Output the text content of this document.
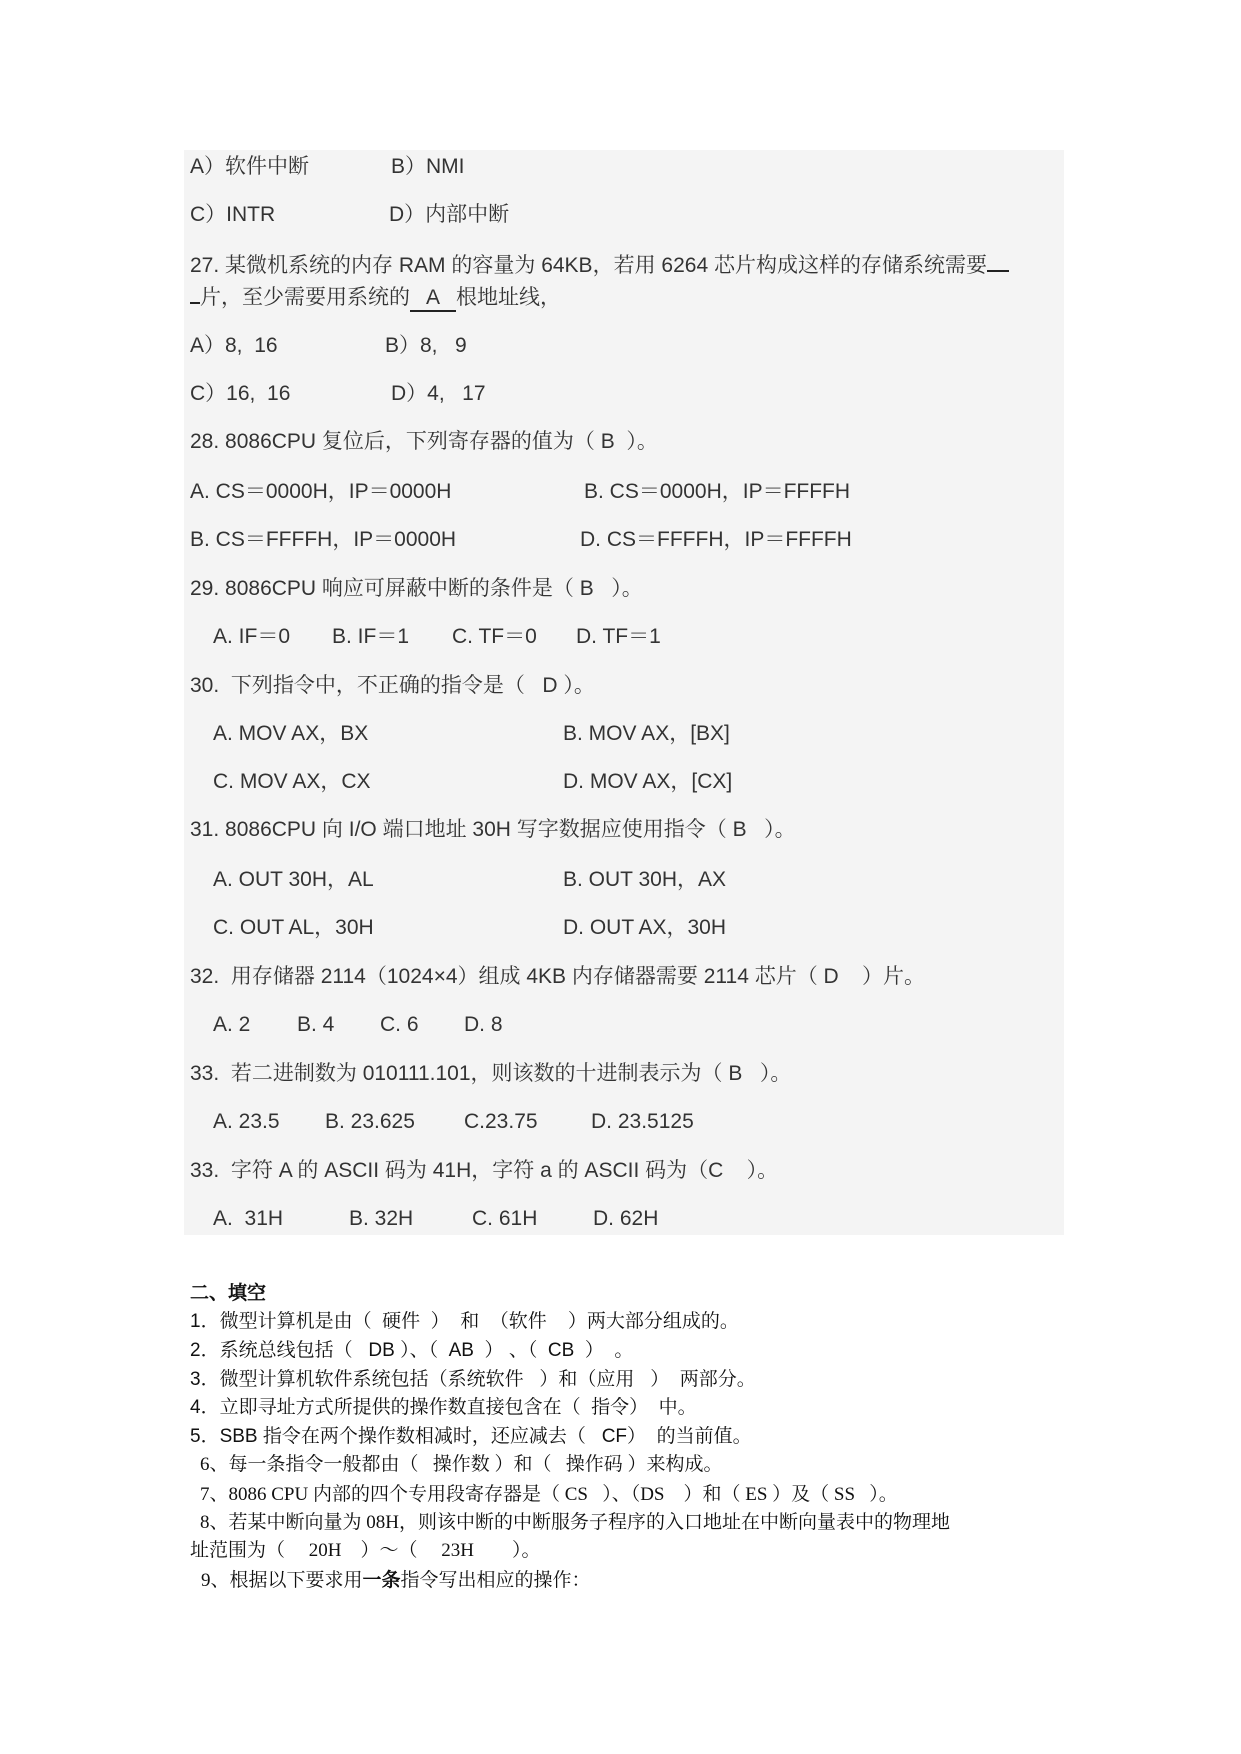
A）软件中断	B）NMI
C）INTR	D）内部中断
27. 某微机系统的内存 RAM 的容量为 64KB，若用 6264 芯片构成这样的存储系统需要
片，至少需要用系统的 A 根地址线，
A）8,  16	B）8,   9
C）16,  16	D）4,   17
28. 8086CPU 复位后，下列寄存器的值为（ B  ）。
A. CS＝0000H，IP＝0000H	B. CS＝0000H，IP＝FFFFH
B. CS＝FFFFH，IP＝0000H	D. CS＝FFFFH，IP＝FFFFH
29. 8086CPU 响应可屏蔽中断的条件是（ B   ）。
A. IF＝0 B. IF＝1 C. TF＝0 D. TF＝1
30.  下列指令中，不正确的指令是（   D ）。
A. MOV AX，BX	B. MOV AX，[BX]
C. MOV AX，CX	D. MOV AX，[CX]
31. 8086CPU 向 I/O 端口地址 30H 写字数据应使用指令（ B   ）。
A. OUT 30H，AL	B. OUT 30H，AX
C. OUT AL，30H	D. OUT AX，30H
32.  用存储器 2114（1024×4）组成 4KB 内存储器需要 2114 芯片（ D    ）片。
A. 2 B. 4 C. 6 D. 8
33.  若二进制数为 010111.101，则该数的十进制表示为（ B   ）。
A. 23.5 B. 23.625 C.23.75	D. 23.5125
33.  字符 A 的 ASCII 码为 41H，字符 a 的 ASCII 码为（C    ）。
A.  31H	B. 32H	C. 61H	D. 62H
二、填空
1．微型计算机是由（  硬件  ）  和  （软件    ）两大部分组成的。
2．系统总线包括（   DB ）、（  AB  ） 、（  CB  ）  。
3．微型计算机软件系统包括（系统软件   ）和（应用   ）  两部分。
4．立即寻址方式所提供的操作数直接包含在（  指令）  中。
5．SBB 指令在两个操作数相减时，还应减去（   CF）  的当前值。
6、每一条指令一般都由（   操作数 ）和（   操作码 ）来构成。
7、8086 CPU 内部的四个专用段寄存器是（ CS   ）、（DS    ）和（ ES ）及（ SS   ）。
8、若某中断向量为 08H，则该中断的中断服务子程序的入口地址在中断向量表中的物理地
址范围为（     20H    ）～（     23H        ）。
9、根据以下要求用一条指令写出相应的操作：
